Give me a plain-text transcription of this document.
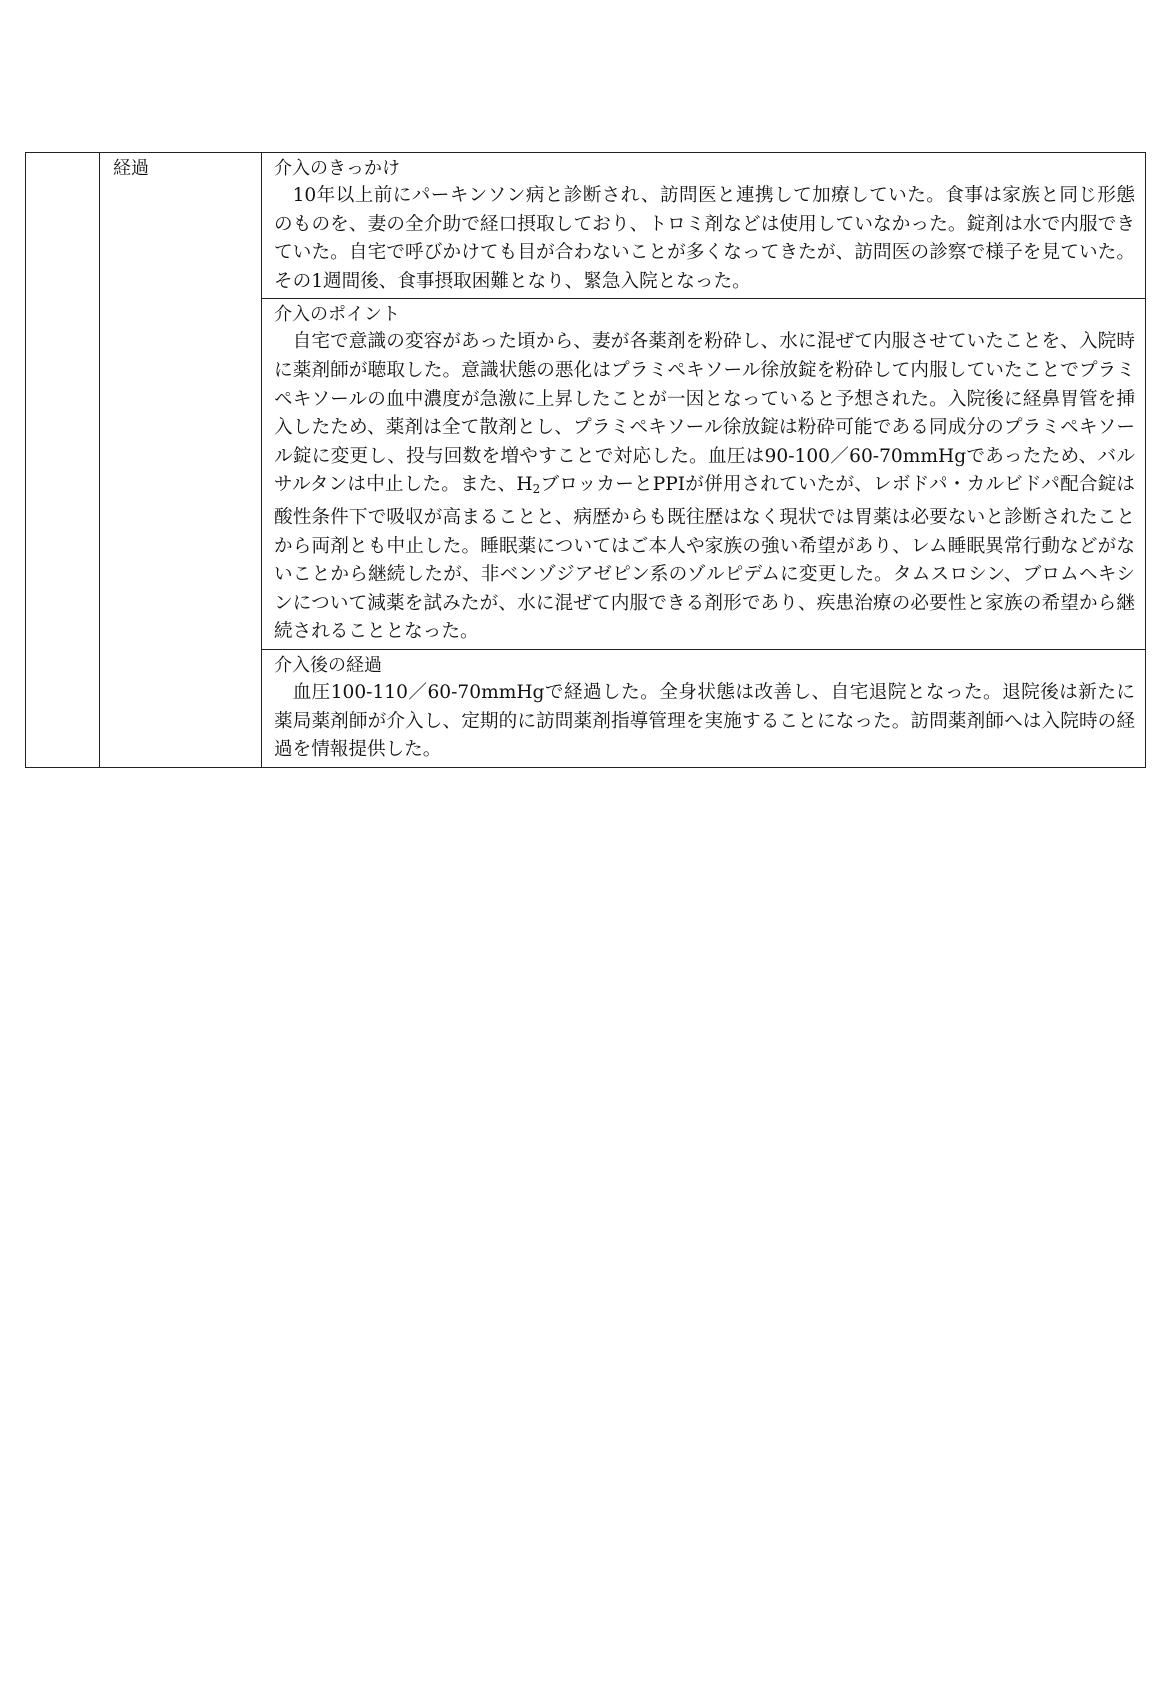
	経過	介入のきっかけ

10年以上前にパーキンソン病と診断され、訪問医と連携して加療していた。食事は家族と同じ形態のものを、妻の全介助で経口摂取しており、トロミ剤などは使用していなかった。錠剤は水で内服できていた。自宅で呼びかけても目が合わないことが多くなってきたが、訪問医の診察で様子を見ていた。その1週間後、食事摂取困難となり、緊急入院となった。

介入のポイント

自宅で意識の変容があった頃から、妻が各薬剤を粉砕し、水に混ぜて内服させていたことを、入院時に薬剤師が聴取した。意識状態の悪化はプラミペキソール徐放錠を粉砕して内服していたことでプラミペキソールの血中濃度が急激に上昇したことが一因となっていると予想された。入院後に経鼻胃管を挿入したため、薬剤は全て散剤とし、プラミペキソール徐放錠は粉砕可能である同成分のプラミペキソール錠に変更し、投与回数を増やすことで対応した。血圧は90-100／60-70mmHgであったため、バルサルタンは中止した。また、$H_2$ブロッカーとPPIが併用されていたが、レボドパ・カルビドパ配合錠は酸性条件下で吸収が高まることと、病歴からも既往歴はなく現状では胃薬は必要ないと診断されたことから両剤とも中止した。睡眠薬についてはご本人や家族の強い希望があり、レム睡眠異常行動などがないことから継続したが、非ベンゾジアゼピン系のゾルピデムに変更した。タムスロシン、ブロムヘキシンについて減薬を試みたが、水に混ぜて内服できる剤形であり、疾患治療の必要性と家族の希望から継続されることとなった。

介入後の経過

血圧100-110／60-70mmHgで経過した。全身状態は改善し、自宅退院となった。退院後は新たに薬局薬剤師が介入し、定期的に訪問薬剤指導管理を実施することになった。訪問薬剤師へは入院時の経過を情報提供した。
